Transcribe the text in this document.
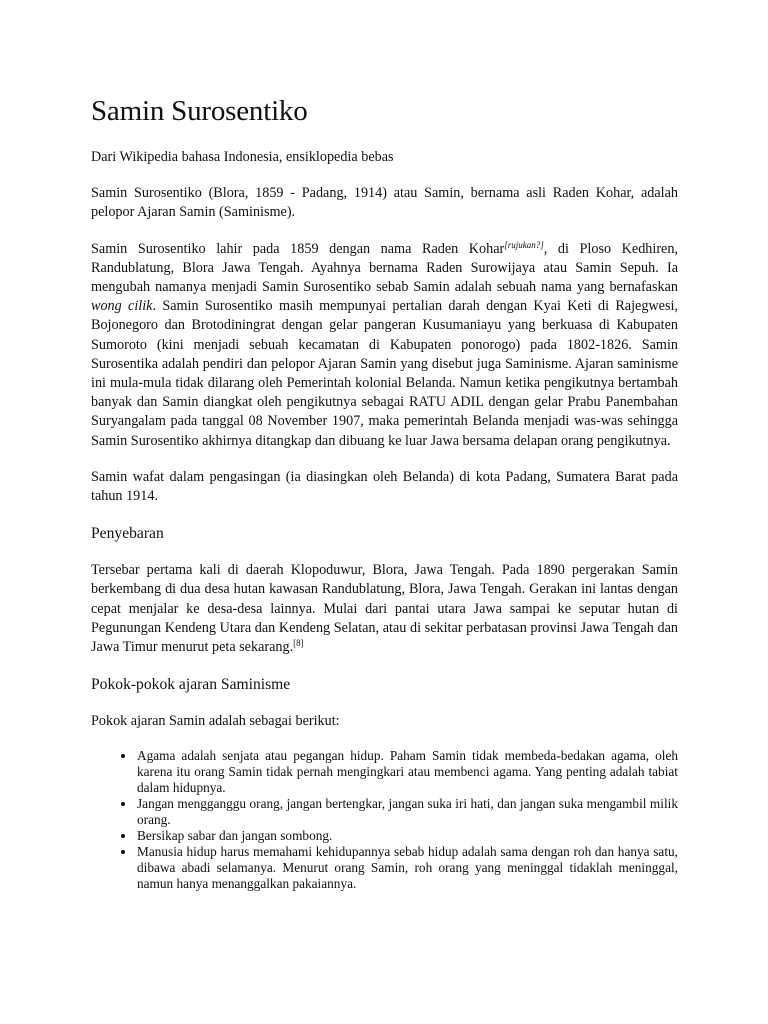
Samin Surosentiko

Dari Wikipedia bahasa Indonesia, ensiklopedia bebas

Samin Surosentiko (Blora, 1859 - Padang, 1914) atau Samin, bernama asli Raden Kohar, adalah pelopor Ajaran Samin (Saminisme).

Samin Surosentiko lahir pada 1859 dengan nama Raden Kohar[rujukan?], di Ploso Kedhiren, Randublatung, Blora Jawa Tengah. Ayahnya bernama Raden Surowijaya atau Samin Sepuh. Ia mengubah namanya menjadi Samin Surosentiko sebab Samin adalah sebuah nama yang bernafaskan wong cilik. Samin Surosentiko masih mempunyai pertalian darah dengan Kyai Keti di Rajegwesi, Bojonegoro dan Brotodiningrat dengan gelar pangeran Kusumaniayu yang berkuasa di Kabupaten Sumoroto (kini menjadi sebuah kecamatan di Kabupaten ponorogo) pada 1802-1826. Samin Surosentika adalah pendiri dan pelopor Ajaran Samin yang disebut juga Saminisme. Ajaran saminisme ini mula-mula tidak dilarang oleh Pemerintah kolonial Belanda. Namun ketika pengikutnya bertambah banyak dan Samin diangkat oleh pengikutnya sebagai RATU ADIL dengan gelar Prabu Panembahan Suryangalam pada tanggal 08 November 1907, maka pemerintah Belanda menjadi was-was sehingga Samin Surosentiko akhirnya ditangkap dan dibuang ke luar Jawa bersama delapan orang pengikutnya.

Samin wafat dalam pengasingan (ia diasingkan oleh Belanda) di kota Padang, Sumatera Barat pada tahun 1914.

Penyebaran

Tersebar pertama kali di daerah Klopoduwur, Blora, Jawa Tengah. Pada 1890 pergerakan Samin berkembang di dua desa hutan kawasan Randublatung, Blora, Jawa Tengah. Gerakan ini lantas dengan cepat menjalar ke desa-desa lainnya. Mulai dari pantai utara Jawa sampai ke seputar hutan di Pegunungan Kendeng Utara dan Kendeng Selatan, atau di sekitar perbatasan provinsi Jawa Tengah dan Jawa Timur menurut peta sekarang.[8]

Pokok-pokok ajaran Saminisme

Pokok ajaran Samin adalah sebagai berikut:

• Agama adalah senjata atau pegangan hidup. Paham Samin tidak membeda-bedakan agama, oleh karena itu orang Samin tidak pernah mengingkari atau membenci agama. Yang penting adalah tabiat dalam hidupnya.
• Jangan mengganggu orang, jangan bertengkar, jangan suka iri hati, dan jangan suka mengambil milik orang.
• Bersikap sabar dan jangan sombong.
• Manusia hidup harus memahami kehidupannya sebab hidup adalah sama dengan roh dan hanya satu, dibawa abadi selamanya. Menurut orang Samin, roh orang yang meninggal tidaklah meninggal, namun hanya menanggalkan pakaiannya.
